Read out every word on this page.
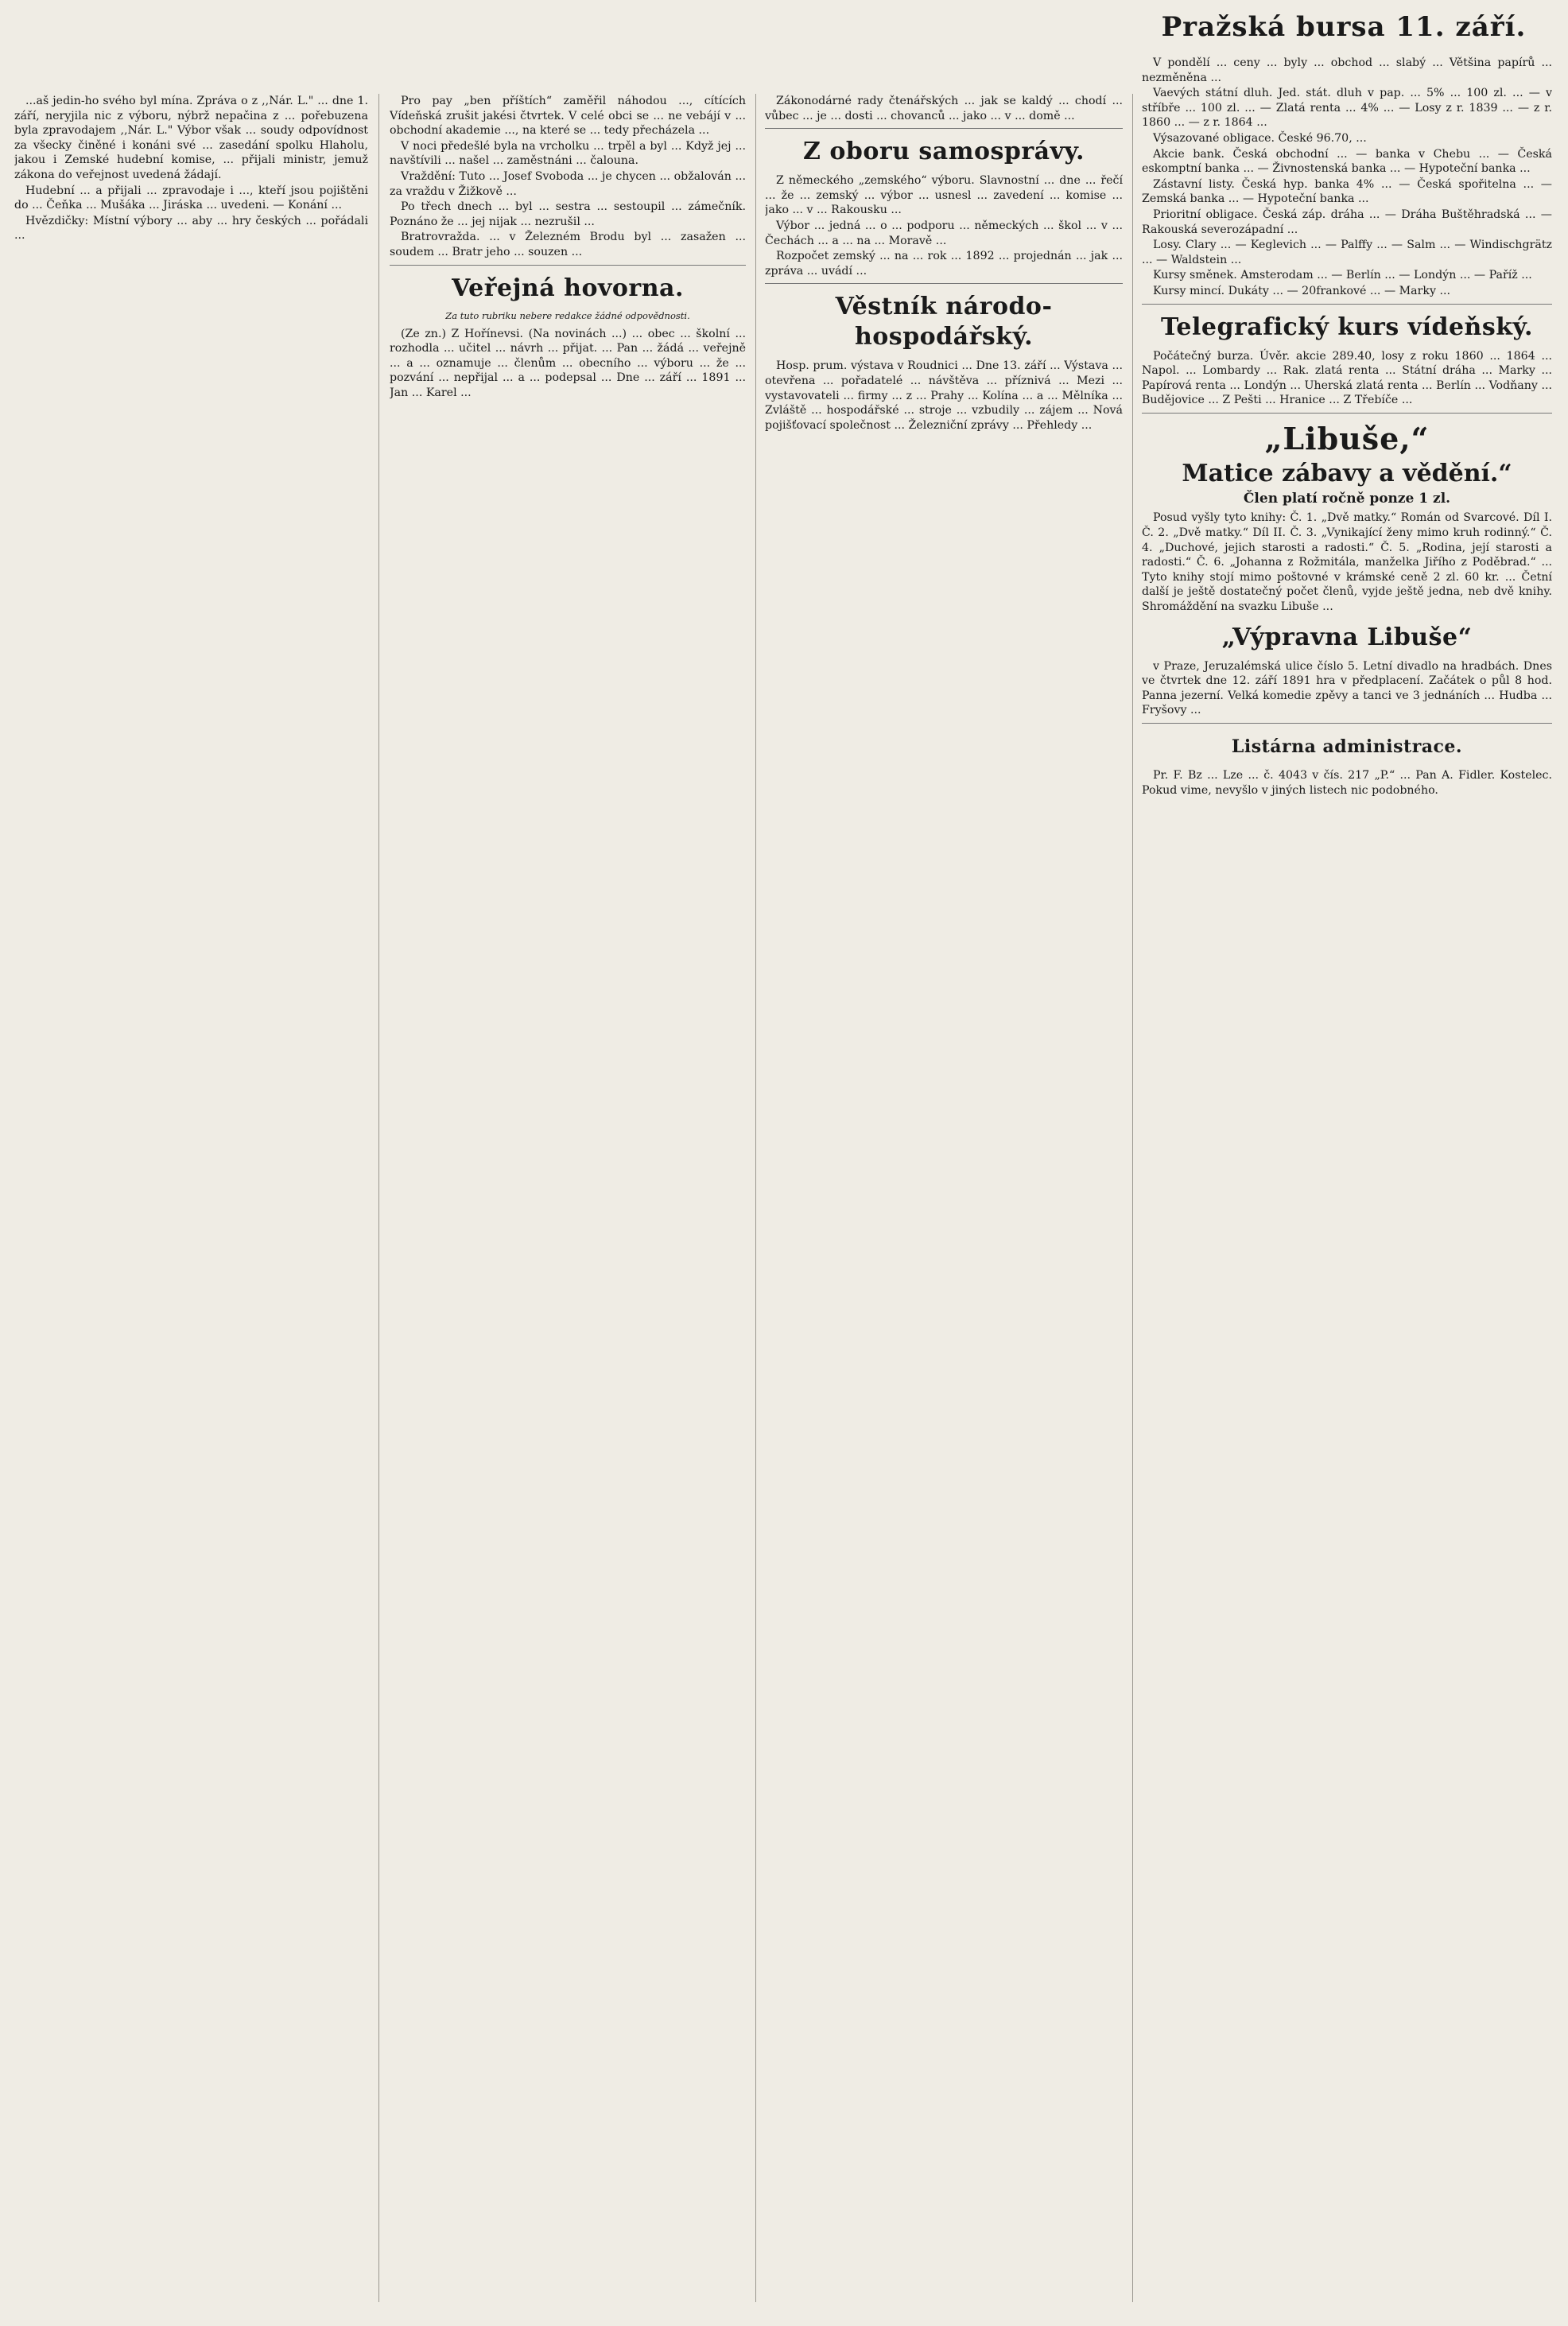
Pražská bursa 11. září.

...aš jedin-ho svého byl mína. Zpráva o z ,,Nár. L." ... dne 1. září, neryjila nic z výboru, nýbrž nepačina z ... pořebuzena byla zpravodajem ,,Nár. L." Výbor však ... soudy odpovídnost za všecky činěné i konáni své ... zasedání spolku Hlaholu, jakou i Zemské hudební komise, ... přijali ministr, jemuž zákona do veřejnost uvedená žádají.

Hudební ... a přijali ... zpravodaje i ..., kteří jsou pojištěni do ... Čeňka ... Mušáka ... Jiráska ... uvedeni. — Konání ...

Hvězdičky: Místní výbory ... aby ... hry českých ... pořádali ...

Pro pay „ben příštích“ zaměřil náhodou ..., cítících Vídeňská zrušit jakési čtvrtek. V celé obci se ... ne vebájí v ... obchodní akademie ..., na které se ... tedy přecházela ...

V noci předešlé byla na vrcholku ... trpěl a byl ... Když jej ... navštívili ... našel ... zaměstnáni ... čalouna.

Vraždění: Tuto ... Josef Svoboda ... je chycen ... obžalován ... za vraždu v Žižkově ...

Po třech dnech ... byl ... sestra ... sestoupil ... zámečník. Poznáno že ... jej nijak ... nezrušil ...

Bratrovražda. ... v Železném Brodu byl ... zasažen ... soudem ... Bratr jeho ... souzen ...

Veřejná hovorna.
Za tuto rubriku nebere redakce žádné odpovědnosti.

(Ze zn.) Z Hořínevsi. (Na novinách ...) ... obec ... školní ... rozhodla ... učitel ... návrh ... přijat. ... Pan ... žádá ... veřejně ... a ... oznamuje ... členům ... obecního ... výboru ... že ... pozvání ... nepřijal ... a ... podepsal ... Dne ... září ... 1891 ... Jan ... Karel ...

Zákonodárné rady čtenářských ... jak se kaldý ... chodí ... vůbec ... je ... dosti ... chovanců ... jako ... v ... domě ...

Z oboru samosprávy.

Z německého „zemského“ výboru. Slavnostní ... dne ... řečí ... že ... zemský ... výbor ... usnesl ... zavedení ... komise ... jako ... v ... Rakousku ...

Výbor ... jedná ... o ... podporu ... německých ... škol ... v ... Čechách ... a ... na ... Moravě ...

Rozpočet zemský ... na ... rok ... 1892 ... projednán ... jak ... zpráva ... uvádí ...

Věstník národo-hospodářský.

Hosp. prum. výstava v Roudnici ... Dne 13. září ... Výstava ... otevřena ... pořadatelé ... návštěva ... příznivá ... Mezi ... vystavovateli ... firmy ... z ... Prahy ... Kolína ... a ... Mělníka ... Zvláště ... hospodářské ... stroje ... vzbudily ... zájem ... Nová pojišťovací společnost ... Železniční zprávy ... Přehledy ...

V pondělí ... ceny ... byly ... obchod ... slabý ... Většina papírů ... nezměněna ...

Vaevých státní dluh. Jed. stát. dluh v pap. ... 5% ... 100 zl. ... — v stříbře ... 100 zl. ... — Zlatá renta ... 4% ... — Losy z r. 1839 ... — z r. 1860 ... — z r. 1864 ...

Výsazované obligace. České 96.70, ...

Akcie bank. Česká obchodní ... — banka v Chebu ... — Česká eskomptní banka ... — Živnostenská banka ... — Hypoteční banka ...

Zástavní listy. Česká hyp. banka 4% ... — Česká spořitelna ... — Zemská banka ... — Hypoteční banka ...

Prioritní obligace. Česká záp. dráha ... — Dráha Buštěhradská ... — Rakouská severozápadní ...

Losy. Clary ... — Keglevich ... — Palffy ... — Salm ... — Windischgrätz ... — Waldstein ...

Kursy směnek. Amsterodam ... — Berlín ... — Londýn ... — Paříž ...

Kursy mincí. Dukáty ... — 20frankové ... — Marky ...

Telegrafický kurs vídeňský.

Počátečný burza. Úvěr. akcie 289.40, losy z roku 1860 ... 1864 ... Napol. ... Lombardy ... Rak. zlatá renta ... Státní dráha ... Marky ... Papírová renta ... Londýn ... Uherská zlatá renta ... Berlín ... Vodňany ... Budějovice ... Z Pešti ... Hranice ... Z Třebíče ...

„Libuše,“
Matice zábavy a vědění.“
Člen platí ročně ponze 1 zl.

Posud vyšly tyto knihy: Č. 1. „Dvě matky.“ Román od Svarcové. Díl I. Č. 2. „Dvě matky.“ Díl II. Č. 3. „Vynikající ženy mimo kruh rodinný.“ Č. 4. „Duchové, jejich starosti a radosti.“ Č. 5. „Rodina, její starosti a radosti.“ Č. 6. „Johanna z Rožmitála, manželka Jiřího z Poděbrad.“ ... Tyto knihy stojí mimo poštovné v krámské ceně 2 zl. 60 kr. ... Četní další je ještě dostatečný počet členů, vyjde ještě jedna, neb dvě knihy. Shromáždění na svazku Libuše ...

„Výpravna Libuše“

v Praze, Jeruzalémská ulice číslo 5. Letní divadlo na hradbách. Dnes ve čtvrtek dne 12. září 1891 hra v předplacení. Začátek o půl 8 hod. Panna jezerní. Velká komedie zpěvy a tanci ve 3 jednáních ... Hudba ... Fryšovy ...

Listárna administrace.

Pr. F. Bz ... Lze ... č. 4043 v čís. 217 „P.“ ... Pan A. Fidler. Kostelec. Pokud vime, nevyšlo v jiných listech nic podobného.
